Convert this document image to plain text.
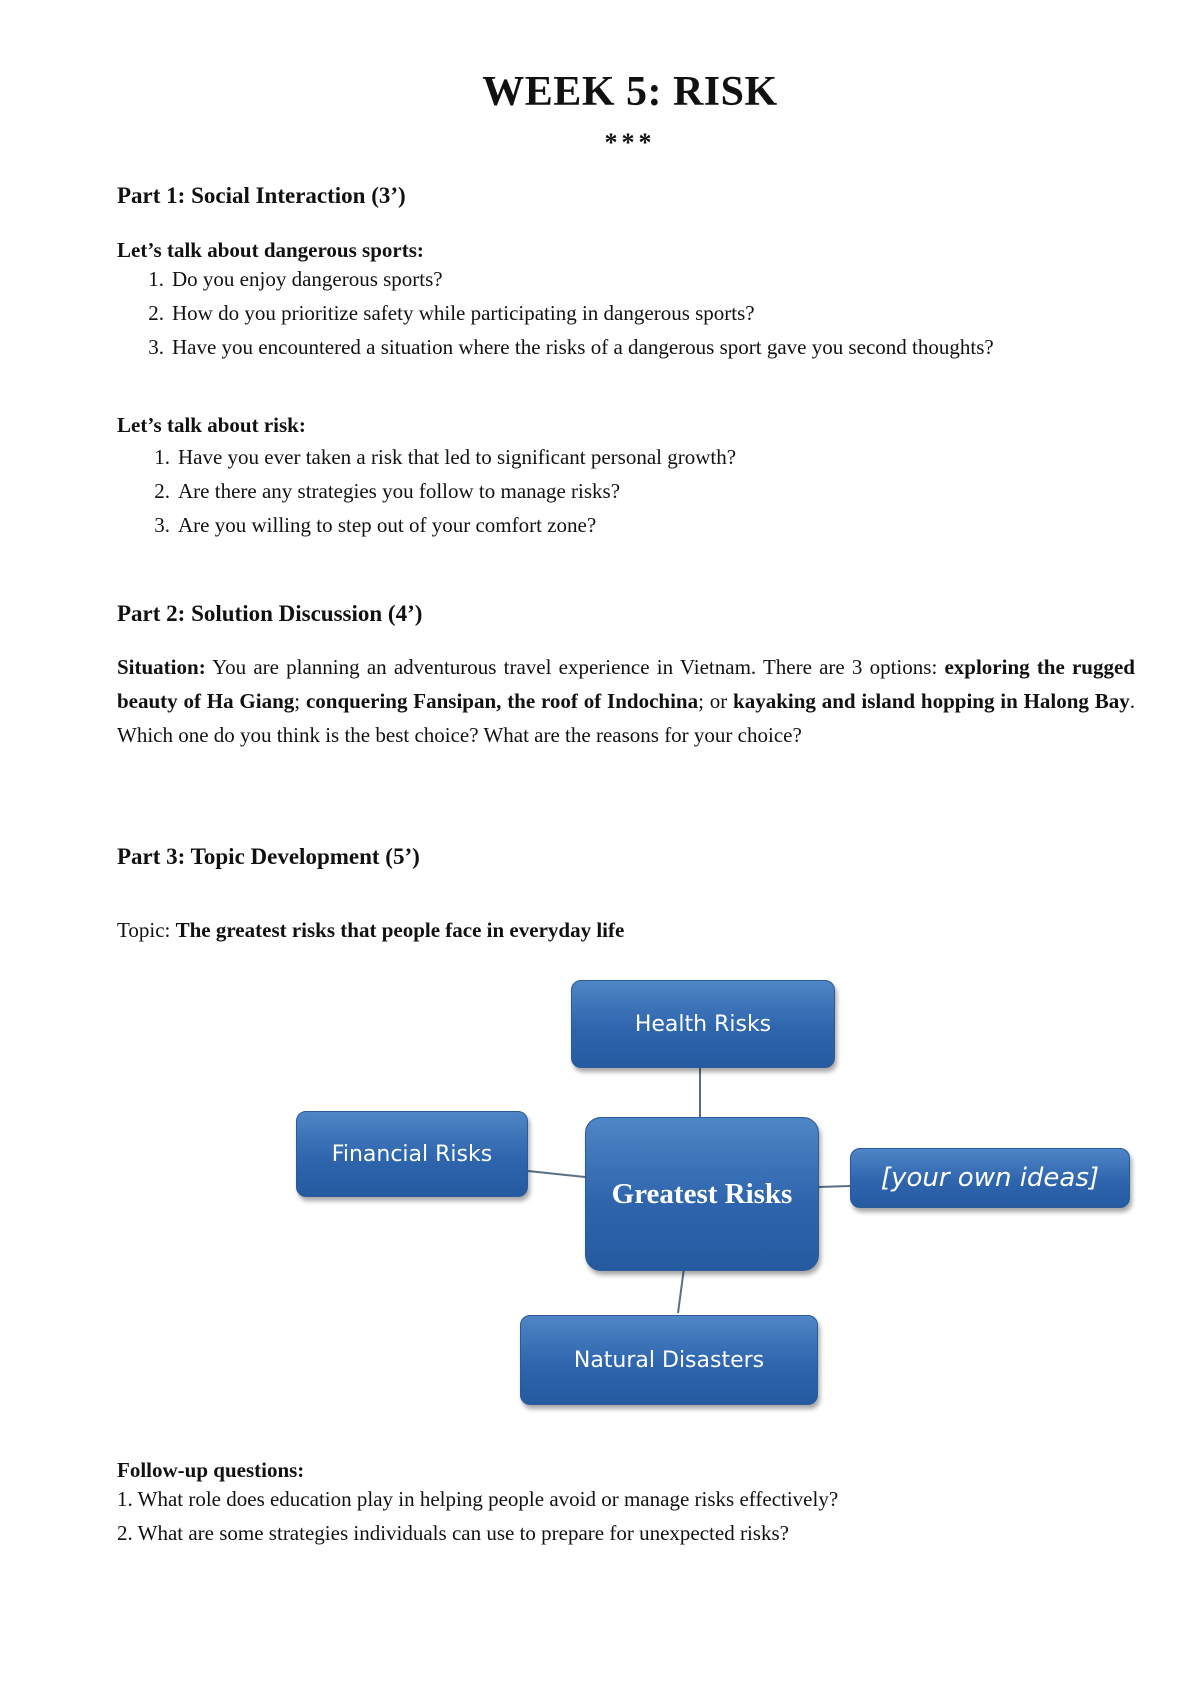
WEEK 5: RISK
***

Part 1: Social Interaction (3’)

Let’s talk about dangerous sports:

1. Do you enjoy dangerous sports?

2. How do you prioritize safety while participating in dangerous sports?

3. Have you encountered a situation where the risks of a dangerous sport gave you second thoughts?

Let’s talk about risk:

1. Have you ever taken a risk that led to significant personal growth?

2. Are there any strategies you follow to manage risks?

3. Are you willing to step out of your comfort zone?

Part 2: Solution Discussion (4’)

Situation: You are planning an adventurous travel experience in Vietnam. There are 3 options: exploring the rugged beauty of Ha Giang; conquering Fansipan, the roof of Indochina; or kayaking and island hopping in Halong Bay. Which one do you think is the best choice? What are the reasons for your choice?

Part 3: Topic Development (5’)

Topic: The greatest risks that people face in everyday life

Health Risks
Financial Risks
Greatest Risks	[your own ideas]
Natural Disasters

Follow-up questions:

1. What role does education play in helping people avoid or manage risks effectively?

2. What are some strategies individuals can use to prepare for unexpected risks?
